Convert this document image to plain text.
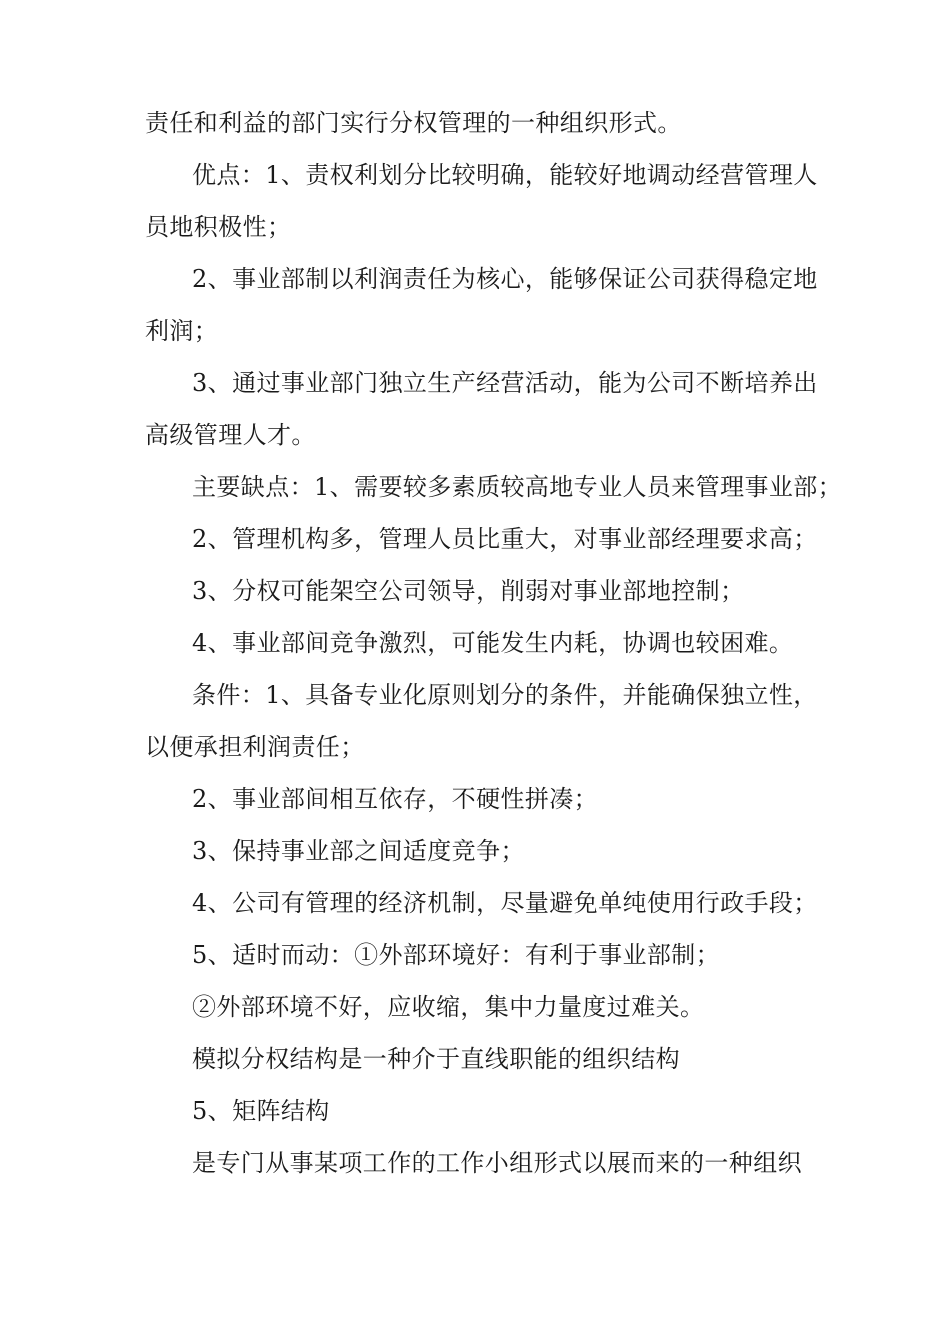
责任和利益的部门实行分权管理的一种组织形式。
优点：1、责权利划分比较明确，能较好地调动经营管理人
员地积极性；
2、事业部制以利润责任为核心，能够保证公司获得稳定地
利润；
3、通过事业部门独立生产经营活动，能为公司不断培养出
高级管理人才。
主要缺点：1、需要较多素质较高地专业人员来管理事业部；
2、管理机构多，管理人员比重大，对事业部经理要求高；
3、分权可能架空公司领导，削弱对事业部地控制；
4、事业部间竞争激烈，可能发生内耗，协调也较困难。
条件：1、具备专业化原则划分的条件，并能确保独立性，
以便承担利润责任；
2、事业部间相互依存，不硬性拼凑；
3、保持事业部之间适度竞争；
4、公司有管理的经济机制，尽量避免单纯使用行政手段；
5、适时而动：①外部环境好：有利于事业部制；
②外部环境不好，应收缩，集中力量度过难关。
模拟分权结构是一种介于直线职能的组织结构
5、矩阵结构
是专门从事某项工作的工作小组形式以展而来的一种组织
